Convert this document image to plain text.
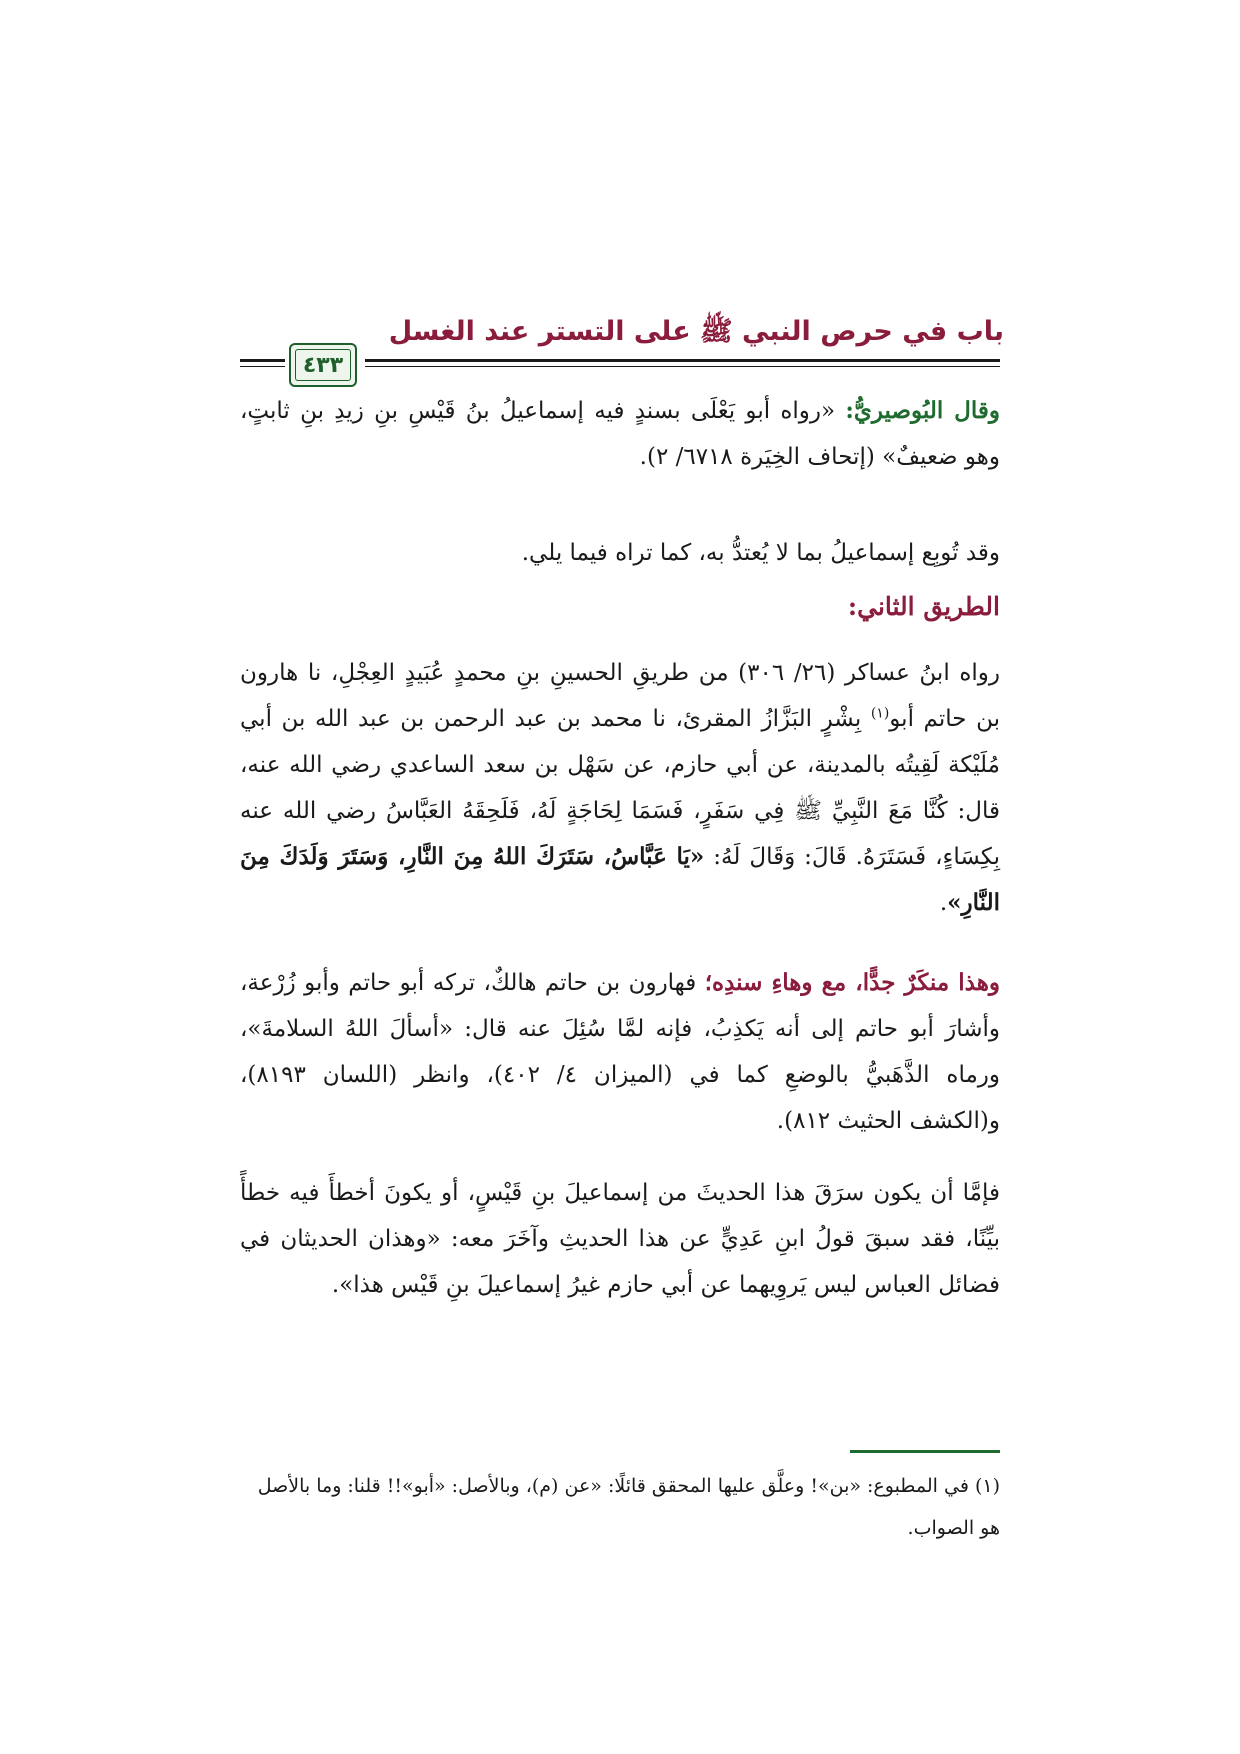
باب في حرص النبي ﷺ على التستر عند الغسل
٤٣٣
وقال البُوصيريُّ: «رواه أبو يَعْلَى بسندٍ فيه إسماعيلُ بنُ قَيْسِ بنِ زيدِ بنِ ثابتٍ، وهو ضعيفٌ» (إتحاف الخِيَرة ٦٧١٨/ ٢).
وقد تُوبِع إسماعيلُ بما لا يُعتدُّ به، كما تراه فيما يلي.
الطريق الثاني:
رواه ابنُ عساكر (٢٦/ ٣٠٦) من طريقِ الحسينِ بنِ محمدٍ عُبَيدٍ العِجْلِ، نا هارون بن حاتم أبو$^{(١)}$ بِشْرٍ البَزَّازُ المقرئ، نا محمد بن عبد الرحمن بن عبد الله بن أبي مُلَيْكة لَقِيتُه بالمدينة، عن أبي حازم، عن سَهْل بن سعد الساعدي رضي الله عنه، قال: كُنَّا مَعَ النَّبِيِّ ﷺ فِي سَفَرٍ، فَسَمَا لِحَاجَةٍ لَهُ، فَلَحِقَهُ العَبَّاسُ رضي الله عنه بِكِسَاءٍ، فَسَتَرَهُ. قَالَ: وَقَالَ لَهُ: «يَا عَبَّاسُ، سَتَرَكَ اللهُ مِنَ النَّارِ، وَسَتَرَ وَلَدَكَ مِنَ النَّارِ».
وهذا منكَرٌ جدًّا، مع وهاءِ سندِه؛ فهارون بن حاتم هالكٌ، تركه أبو حاتم وأبو زُرْعة، وأشارَ أبو حاتم إلى أنه يَكذِبُ، فإنه لمَّا سُئِلَ عنه قال: «أسألَ اللهُ السلامةَ»، ورماه الذَّهَبيُّ بالوضعِ كما في (الميزان ٤/ ٤٠٢)، وانظر (اللسان ٨١٩٣)، و(الكشف الحثيث ٨١٢).
فإمَّا أن يكون سرَقَ هذا الحديثَ من إسماعيلَ بنِ قَيْسٍ، أو يكونَ أخطأَ فيه خطأً بيِّنًا، فقد سبقَ قولُ ابنِ عَدِيٍّ عن هذا الحديثِ وآخَرَ معه: «وهذان الحديثان في فضائل العباس ليس يَروِيهما عن أبي حازم غيرُ إسماعيلَ بنِ قَيْس هذا».
(١) في المطبوع: «بن»! وعلَّق عليها المحقق قائلًا: «عن (م)، وبالأصل: «أبو»!! قلنا: وما بالأصل هو الصواب.
